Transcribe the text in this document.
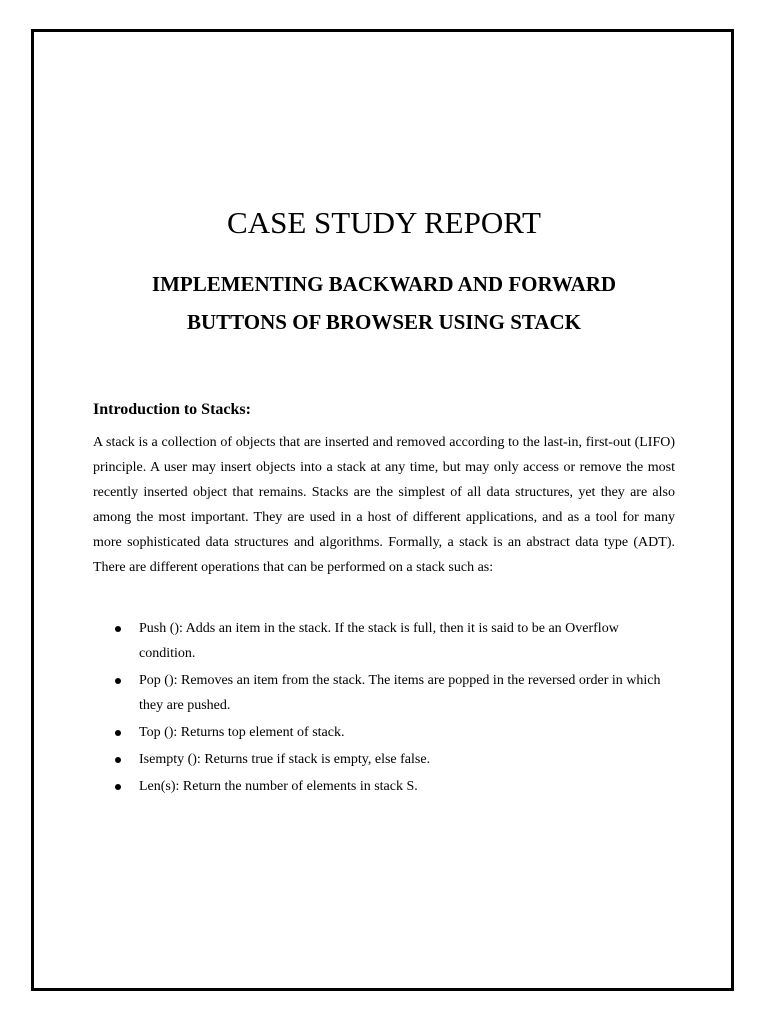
CASE STUDY REPORT
IMPLEMENTING BACKWARD AND FORWARD
BUTTONS OF BROWSER USING STACK
Introduction to Stacks:

A stack is a collection of objects that are inserted and removed according to the last-in, first-out (LIFO) principle. A user may insert objects into a stack at any time, but may only access or remove the most recently inserted object that remains. Stacks are the simplest of all data structures, yet they are also among the most important. They are used in a host of different applications, and as a tool for many more sophisticated data structures and algorithms. Formally, a stack is an abstract data type (ADT). There are different operations that can be performed on a stack such as:

Push (): Adds an item in the stack. If the stack is full, then it is said to be an Overflow condition.
Pop (): Removes an item from the stack. The items are popped in the reversed order in which they are pushed.
Top (): Returns top element of stack.
Isempty (): Returns true if stack is empty, else false.
Len(s): Return the number of elements in stack S.
